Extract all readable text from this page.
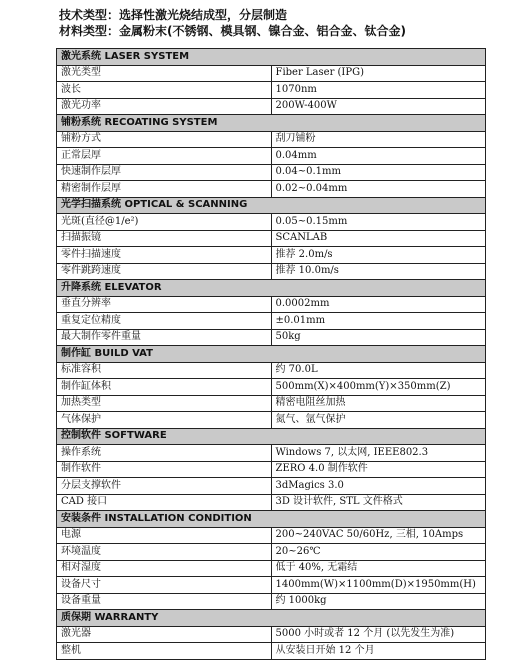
技术类型：选择性激光烧结成型，分层制造
材料类型：金属粉末(不锈钢、模具钢、镍合金、铝合金、钛合金)
激光系统 LASER SYSTEM	
激光类型	Fiber Laser (IPG)
波长	1070nm
激光功率	200W-400W
铺粉系统 RECOATING SYSTEM	
铺粉方式	刮刀铺粉
正常层厚	0.04mm
快速制作层厚	0.04~0.1mm
精密制作层厚	0.02~0.04mm
光学扫描系统 OPTICAL & SCANNING	
光斑(直径@1/e²)	0.05~0.15mm
扫描振镜	SCANLAB
零件扫描速度	推荐 2.0m/s
零件跳跨速度	推荐 10.0m/s
升降系统 ELEVATOR	
垂直分辨率	0.0002mm
重复定位精度	±0.01mm
最大制作零件重量	50kg
制作缸 BUILD VAT	
标准容积	约 70.0L
制作缸体积	500mm(X)×400mm(Y)×350mm(Z)
加热类型	精密电阻丝加热
气体保护	氮气、氩气保护
控制软件 SOFTWARE	
操作系统	Windows 7, 以太网, IEEE802.3
制作软件	ZERO 4.0 制作软件
分层支撑软件	3dMagics 3.0
CAD 接口	3D 设计软件, STL 文件格式
安装条件 INSTALLATION CONDITION	
电源	200~240VAC 50/60Hz, 三相, 10Amps
环境温度	20~26℃
相对湿度	低于 40%, 无霜结
设备尺寸	1400mm(W)×1100mm(D)×1950mm(H)
设备重量	约 1000kg
质保期 WARRANTY	
激光器	5000 小时或者 12 个月 (以先发生为准)
整机	从安装日开始 12 个月
